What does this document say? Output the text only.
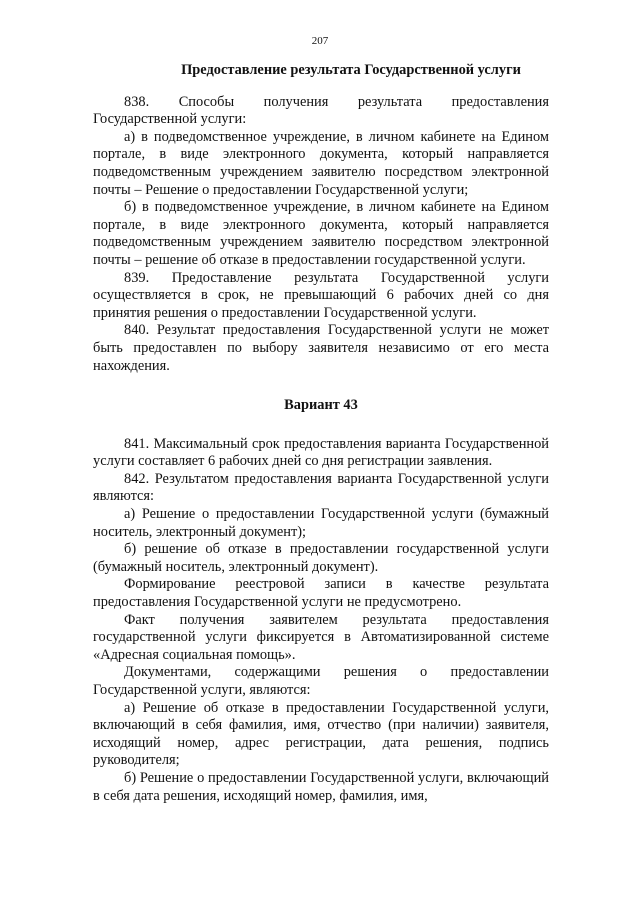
207
Предоставление результата Государственной услуги

838. Способы получения результата предоставления Государственной услуги:

а) в подведомственное учреждение, в личном кабинете на Едином портале, в виде электронного документа, который направляется подведомственным учреждением заявителю посредством электронной почты – Решение о предоставлении Государственной услуги;

б) в подведомственное учреждение, в личном кабинете на Едином портале, в виде электронного документа, который направляется подведомственным учреждением заявителю посредством электронной почты – решение об отказе в предоставлении государственной услуги.

839. Предоставление результата Государственной услуги осуществляется в срок, не превышающий 6 рабочих дней со дня принятия решения о предоставлении Государственной услуги.

840. Результат предоставления Государственной услуги не может быть предоставлен по выбору заявителя независимо от его места нахождения.

Вариант 43

841. Максимальный срок предоставления варианта Государственной услуги составляет 6 рабочих дней со дня регистрации заявления.

842. Результатом предоставления варианта Государственной услуги являются:

а) Решение о предоставлении Государственной услуги (бумажный носитель, электронный документ);

б) решение об отказе в предоставлении государственной услуги (бумажный носитель, электронный документ).

Формирование реестровой записи в качестве результата предоставления Государственной услуги не предусмотрено.

Факт получения заявителем результата предоставления государственной услуги фиксируется в Автоматизированной системе «Адресная социальная помощь».

Документами, содержащими решения о предоставлении Государственной услуги, являются:

а) Решение об отказе в предоставлении Государственной услуги, включающий в себя фамилия, имя, отчество (при наличии) заявителя, исходящий номер, адрес регистрации, дата решения, подпись руководителя;

б) Решение о предоставлении Государственной услуги, включающий в себя дата решения, исходящий номер, фамилия, имя,
